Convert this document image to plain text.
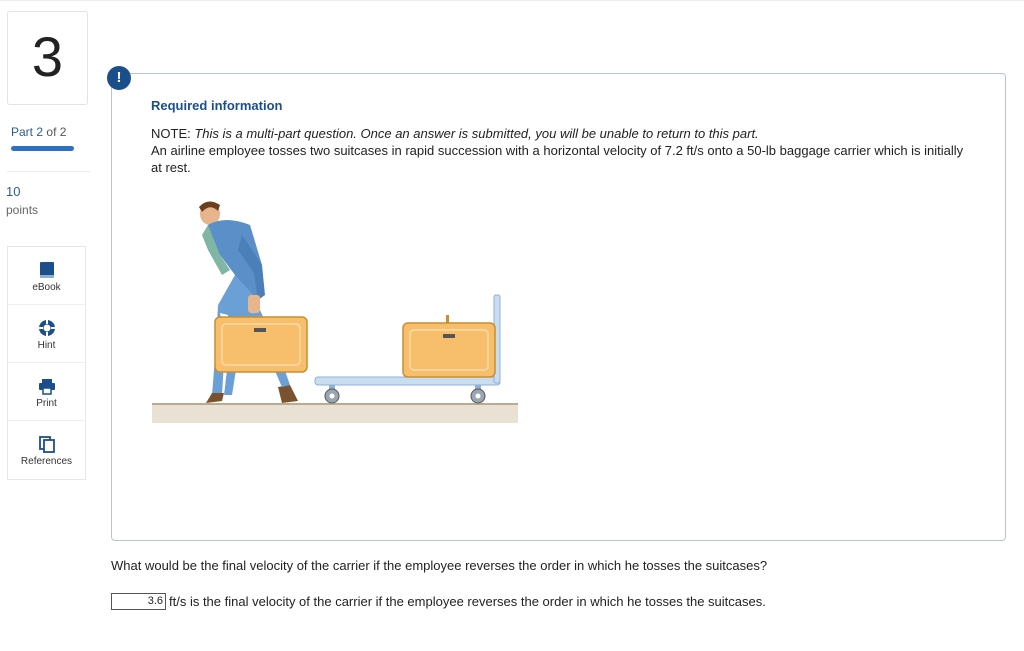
3
Part 2 of 2
10
points
eBook
Hint
Print
References
!
Required information
NOTE: This is a multi-part question. Once an answer is submitted, you will be unable to return to this part.
An airline employee tosses two suitcases in rapid succession with a horizontal velocity of 7.2 ft/s onto a 50-lb baggage carrier which is initially at rest.
What would be the final velocity of the carrier if the employee reverses the order in which he tosses the suitcases?
3.6 ft/s is the final velocity of the carrier if the employee reverses the order in which he tosses the suitcases.
